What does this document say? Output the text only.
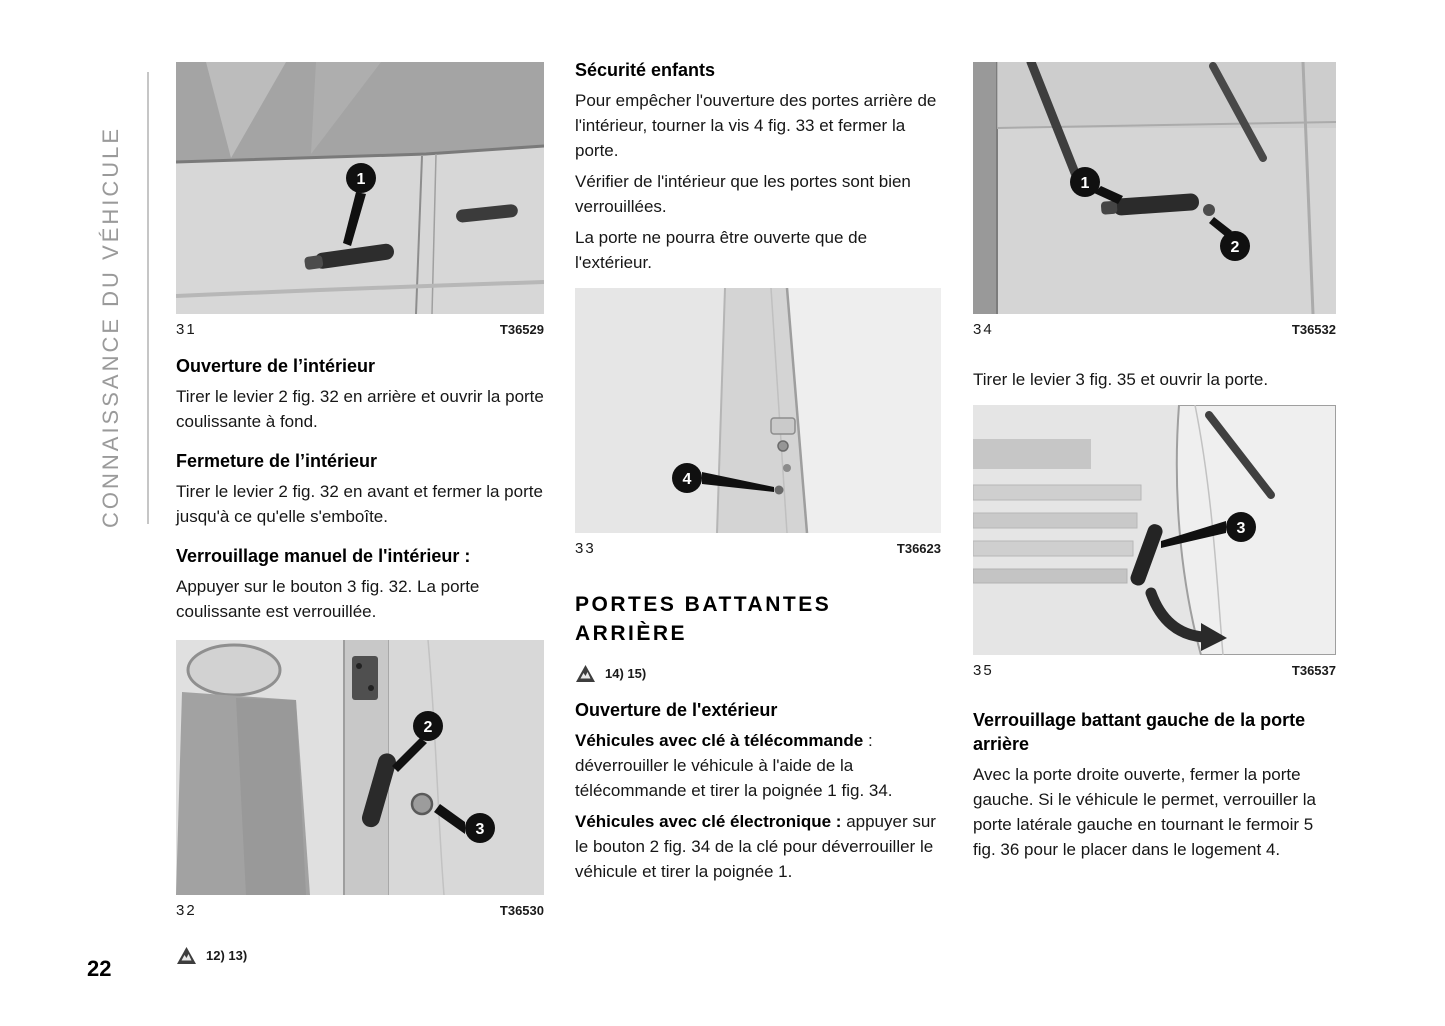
CONNAISSANCE DU VÉHICULE
22
1
31	T36529
Ouverture de l’intérieur

Tirer le levier 2 fig. 32 en arrière et ouvrir la porte coulissante à fond.

Fermeture de l’intérieur

Tirer le levier 2 fig. 32 en avant et fermer la porte jusqu'à ce qu'elle s'emboîte.

Verrouillage manuel de l'intérieur :

Appuyer sur le bouton 3 fig. 32. La porte coulissante est verrouillée.

2
3
32	T36530
12) 13)
Sécurité enfants

Pour empêcher l'ouverture des portes arrière de l'intérieur, tourner la vis 4 fig. 33 et fermer la porte.

Vérifier de l'intérieur que les portes sont bien verrouillées.

La porte ne pourra être ouverte que de l'extérieur.

4
33	T36623
PORTES BATTANTES ARRIÈRE
14) 15)
Ouverture de l'extérieur

Véhicules avec clé à télécommande : déverrouiller le véhicule à l'aide de la télécommande et tirer la poignée 1 fig. 34.

Véhicules avec clé électronique : appuyer sur le bouton 2 fig. 34 de la clé pour déverrouiller le véhicule et tirer la poignée 1.

1
2
34	T36532

Tirer le levier 3 fig. 35 et ouvrir la porte.

3
35	T36537
Verrouillage battant gauche de la porte arrière

Avec la porte droite ouverte, fermer la porte gauche. Si le véhicule le permet, verrouiller la porte latérale gauche en tournant le fermoir 5 fig. 36 pour le placer dans le logement 4.
